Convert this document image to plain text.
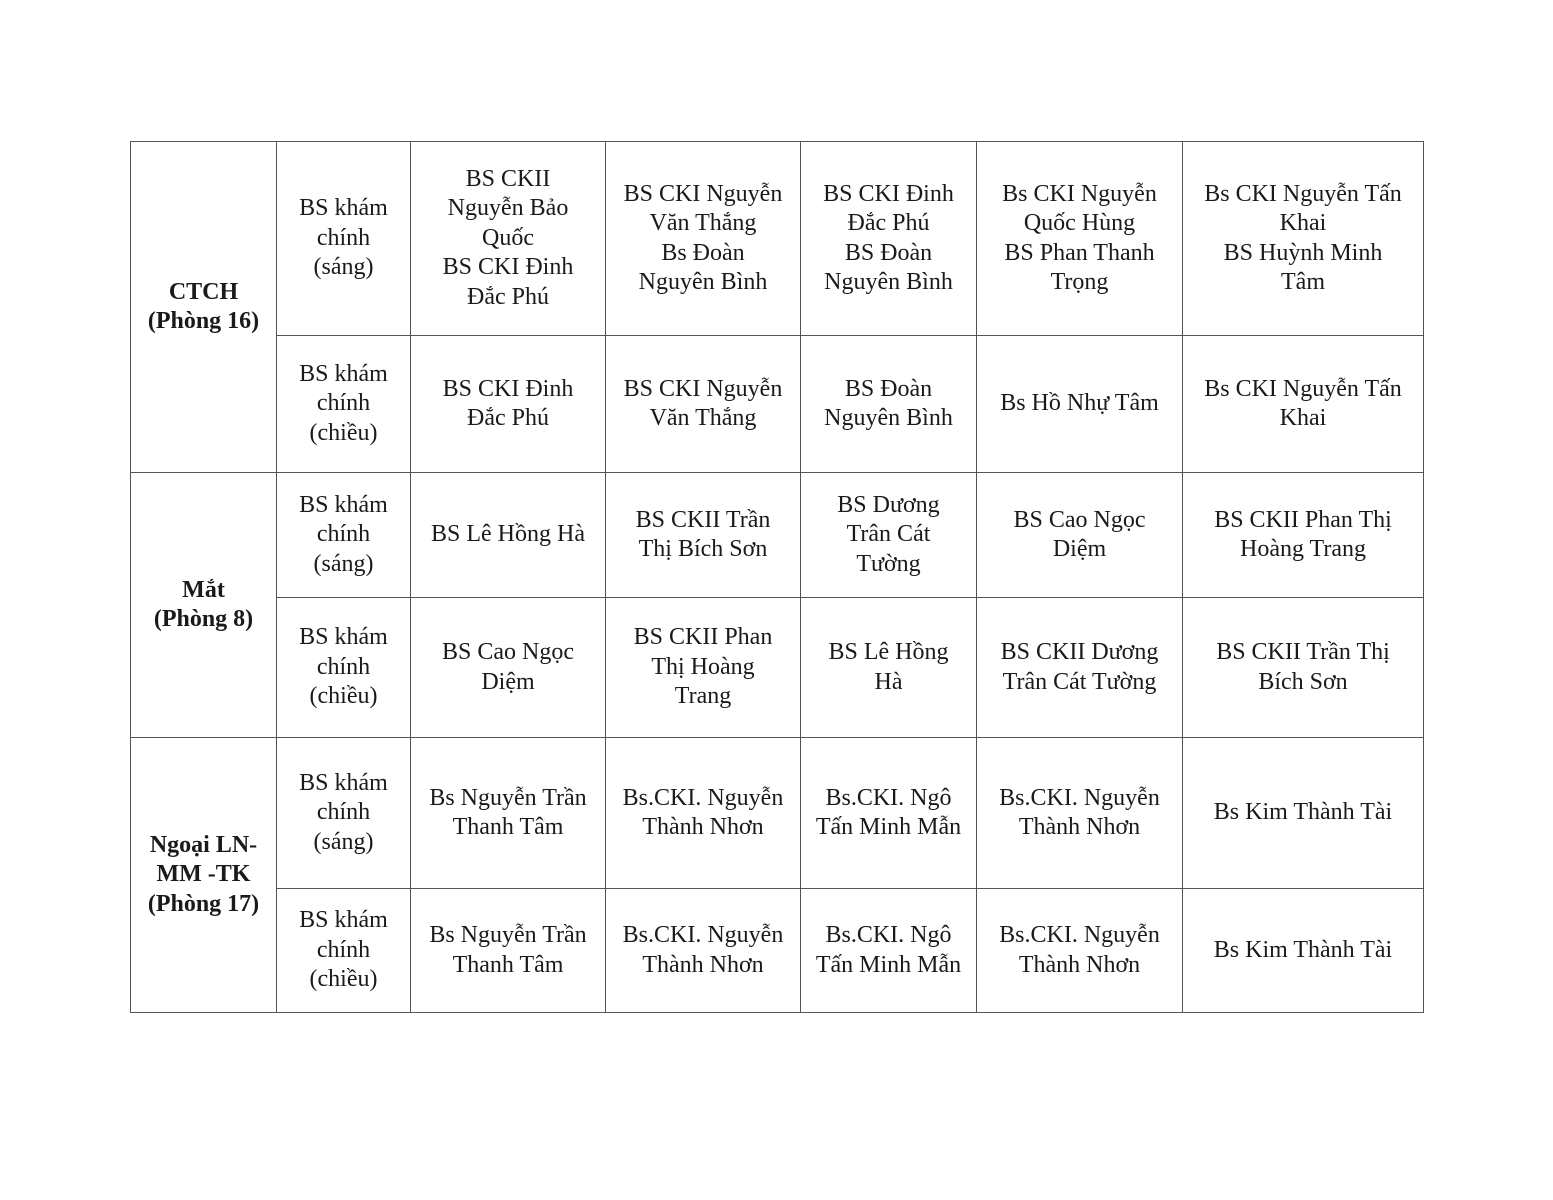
CTCH
(Phòng 16)	BS khám
chính
(sáng)	BS CKII
Nguyễn Bảo
Quốc
BS CKI Đinh
Đắc Phú	BS CKI Nguyễn
Văn Thắng
Bs Đoàn
Nguyên Bình	BS CKI Đinh
Đắc Phú
BS Đoàn
Nguyên Bình	Bs CKI Nguyễn
Quốc Hùng
BS Phan Thanh
Trọng	Bs CKI Nguyễn Tấn
Khai
BS Huỳnh Minh
Tâm

	BS khám
chính
(chiều)	BS CKI Đinh
Đắc Phú	BS CKI Nguyễn
Văn Thắng	BS Đoàn
Nguyên Bình	Bs Hồ Nhự Tâm	Bs CKI Nguyễn Tấn
Khai

Mắt
(Phòng 8)	BS khám
chính
(sáng)	BS Lê Hồng Hà	BS CKII Trần
Thị Bích Sơn	BS Dương
Trân Cát
Tường	BS Cao Ngọc
Diệm	BS CKII Phan Thị
Hoàng Trang

	BS khám
chính
(chiều)	BS Cao Ngọc
Diệm	BS CKII Phan
Thị Hoàng
Trang	BS Lê Hồng
Hà	BS CKII Dương
Trân Cát Tường	BS CKII Trần Thị
Bích Sơn

Ngoại LN-
MM -TK
(Phòng 17)	BS khám
chính
(sáng)	Bs Nguyễn Trần
Thanh Tâm	Bs.CKI. Nguyễn
Thành Nhơn	Bs.CKI. Ngô
Tấn Minh Mẫn	Bs.CKI. Nguyễn
Thành Nhơn	Bs Kim Thành Tài

	BS khám
chính
(chiều)	Bs Nguyễn Trần
Thanh Tâm	Bs.CKI. Nguyễn
Thành Nhơn	Bs.CKI. Ngô
Tấn Minh Mẫn	Bs.CKI. Nguyễn
Thành Nhơn	Bs Kim Thành Tài
